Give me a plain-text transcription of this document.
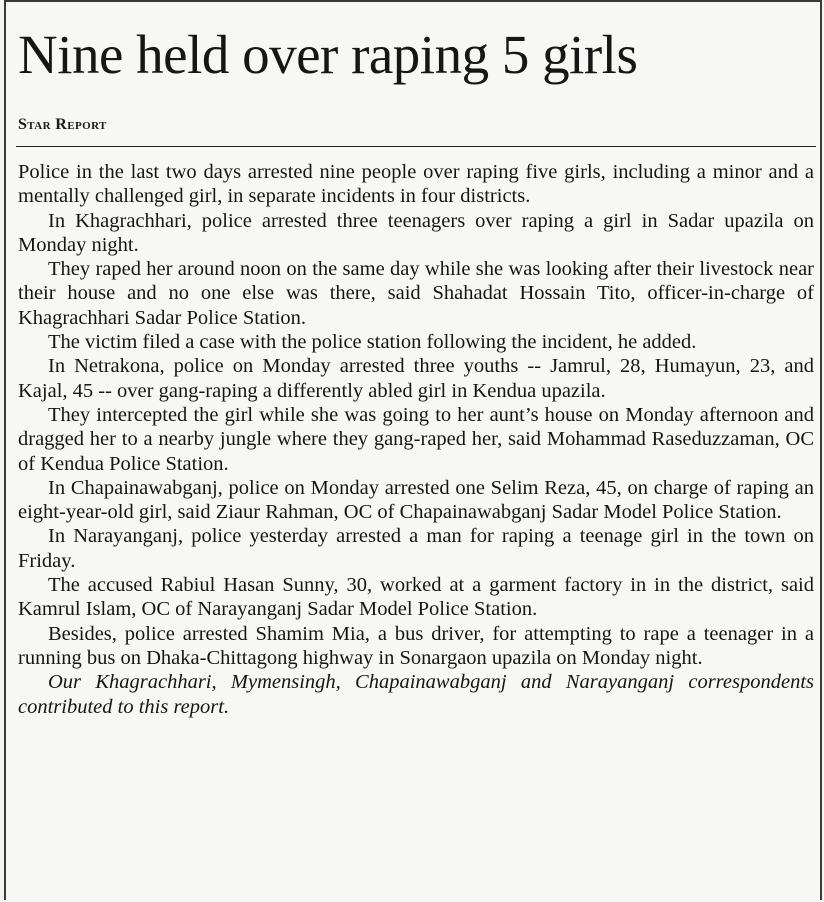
Nine held over raping 5 girls
Star Report

Police in the last two days arrested nine people over raping five girls, including a minor and a mentally challenged girl, in separate incidents in four districts.

In Khagrachhari, police arrested three teenagers over raping a girl in Sadar upazila on Monday night.

They raped her around noon on the same day while she was looking after their livestock near their house and no one else was there, said Shahadat Hossain Tito, officer-in-charge of Khagrachhari Sadar Police Station.

The victim filed a case with the police station following the incident, he added.

In Netrakona, police on Monday arrested three youths -- Jamrul, 28, Humayun, 23, and Kajal, 45 -- over gang-raping a differently abled girl in Kendua upazila.

They intercepted the girl while she was going to her aunt’s house on Monday afternoon and dragged her to a nearby jungle where they gang-raped her, said Mohammad Raseduzzaman, OC of Kendua Police Station.

In Chapainawabganj, police on Monday arrested one Selim Reza, 45, on charge of raping an eight-year-old girl, said Ziaur Rahman, OC of Chapainawabganj Sadar Model Police Station.

In Narayanganj, police yesterday arrested a man for raping a teenage girl in the town on Friday.

The accused Rabiul Hasan Sunny, 30, worked at a garment factory in in the district, said Kamrul Islam, OC of Narayanganj Sadar Model Police Station.

Besides, police arrested Shamim Mia, a bus driver, for attempting to rape a teenager in a running bus on Dhaka-Chittagong highway in Sonargaon upazila on Monday night.

Our Khagrachhari, Mymensingh, Chapainawabganj and Narayanganj correspondents contributed to this report.
